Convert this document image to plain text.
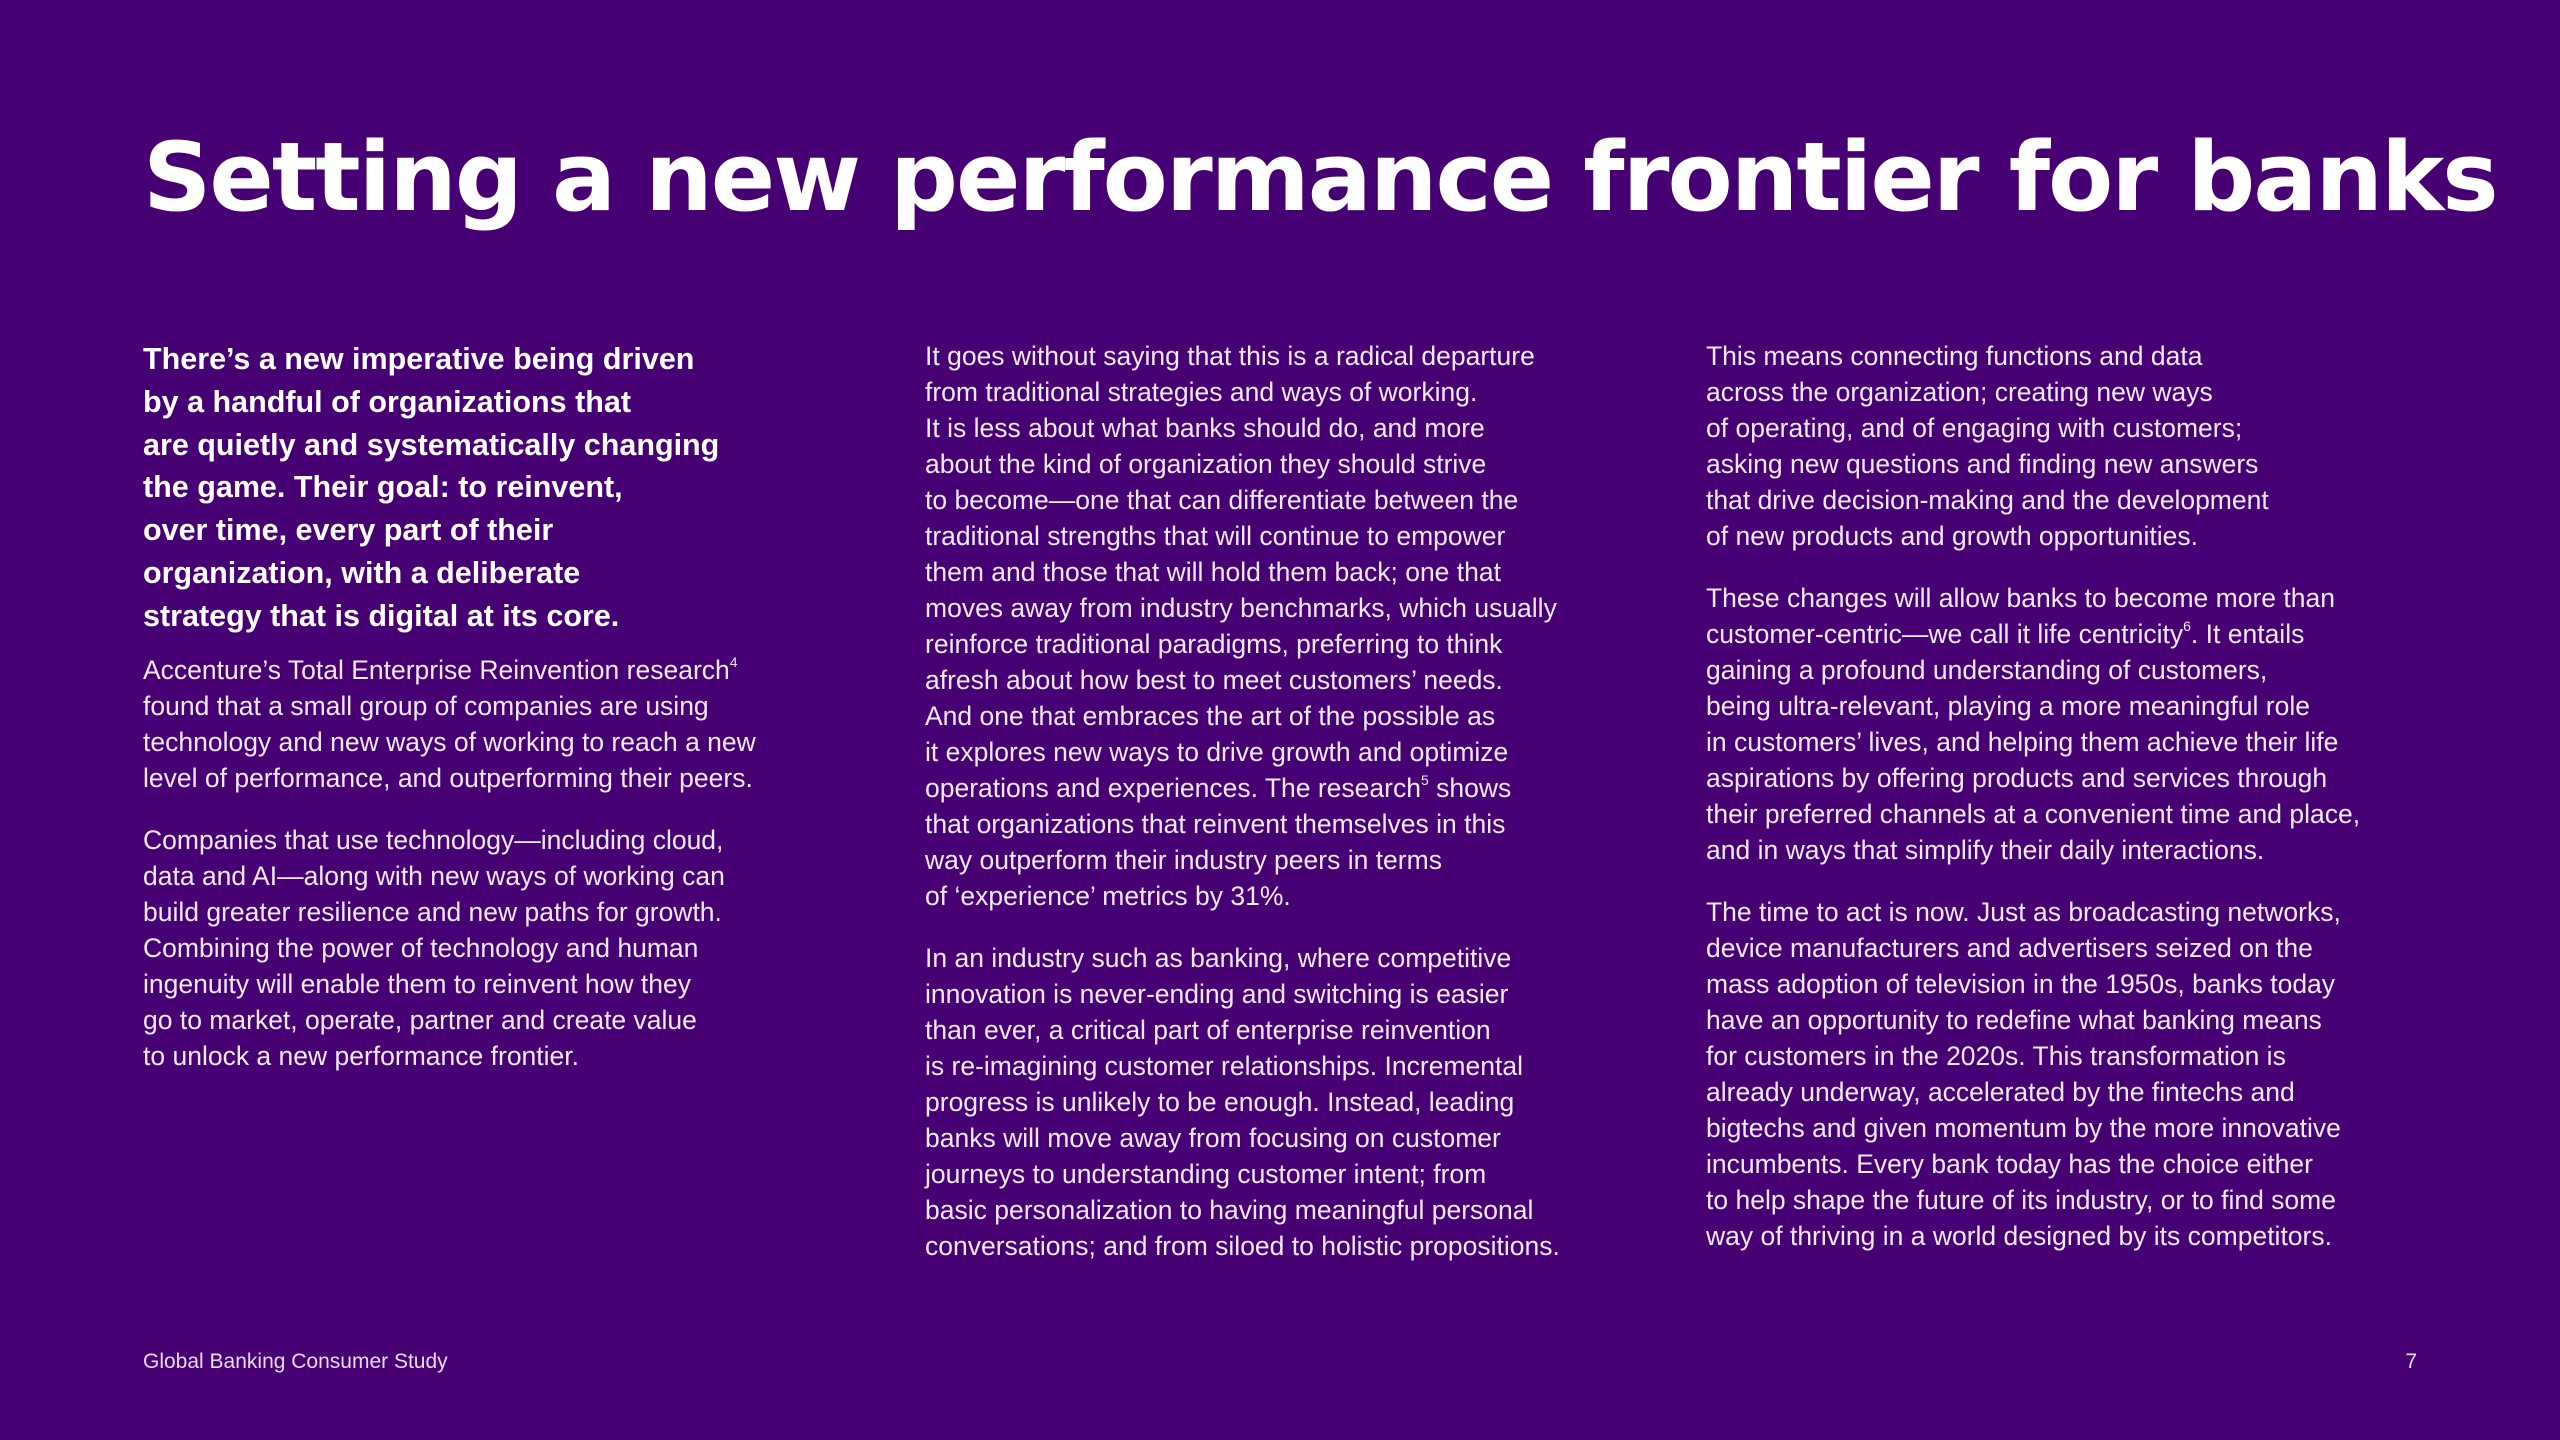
Setting a new performance frontier for banks

There’s a new imperative being driven
by a handful of organizations that
are quietly and systematically changing
the game. Their goal: to reinvent,
over time, every part of their
organization, with a deliberate
strategy that is digital at its core.

Accenture’s Total Enterprise Reinvention research$^4$
found that a small group of companies are using
technology and new ways of working to reach a new
level of performance, and outperforming their peers.

Companies that use technology—including cloud,
data and AI—along with new ways of working can
build greater resilience and new paths for growth.
Combining the power of technology and human
ingenuity will enable them to reinvent how they
go to market, operate, partner and create value
to unlock a new performance frontier.

It goes without saying that this is a radical departure
from traditional strategies and ways of working.
It is less about what banks should do, and more
about the kind of organization they should strive
to become—one that can differentiate between the
traditional strengths that will continue to empower
them and those that will hold them back; one that
moves away from industry benchmarks, which usually
reinforce traditional paradigms, preferring to think
afresh about how best to meet customers’ needs.
And one that embraces the art of the possible as
it explores new ways to drive growth and optimize
operations and experiences. The research$^5$ shows
that organizations that reinvent themselves in this
way outperform their industry peers in terms
of ‘experience’ metrics by 31%.

In an industry such as banking, where competitive
innovation is never-ending and switching is easier
than ever, a critical part of enterprise reinvention
is re-imagining customer relationships. Incremental
progress is unlikely to be enough. Instead, leading
banks will move away from focusing on customer
journeys to understanding customer intent; from
basic personalization to having meaningful personal
conversations; and from siloed to holistic propositions.

This means connecting functions and data
across the organization; creating new ways
of operating, and of engaging with customers;
asking new questions and finding new answers
that drive decision-making and the development
of new products and growth opportunities.

These changes will allow banks to become more than
customer-centric—we call it life centricity$^6$. It entails
gaining a profound understanding of customers,
being ultra-relevant, playing a more meaningful role
in customers’ lives, and helping them achieve their life
aspirations by offering products and services through
their preferred channels at a convenient time and place,
and in ways that simplify their daily interactions.

The time to act is now. Just as broadcasting networks,
device manufacturers and advertisers seized on the
mass adoption of television in the 1950s, banks today
have an opportunity to redefine what banking means
for customers in the 2020s. This transformation is
already underway, accelerated by the fintechs and
bigtechs and given momentum by the more innovative
incumbents. Every bank today has the choice either
to help shape the future of its industry, or to find some
way of thriving in a world designed by its competitors.

Global Banking Consumer Study	7
